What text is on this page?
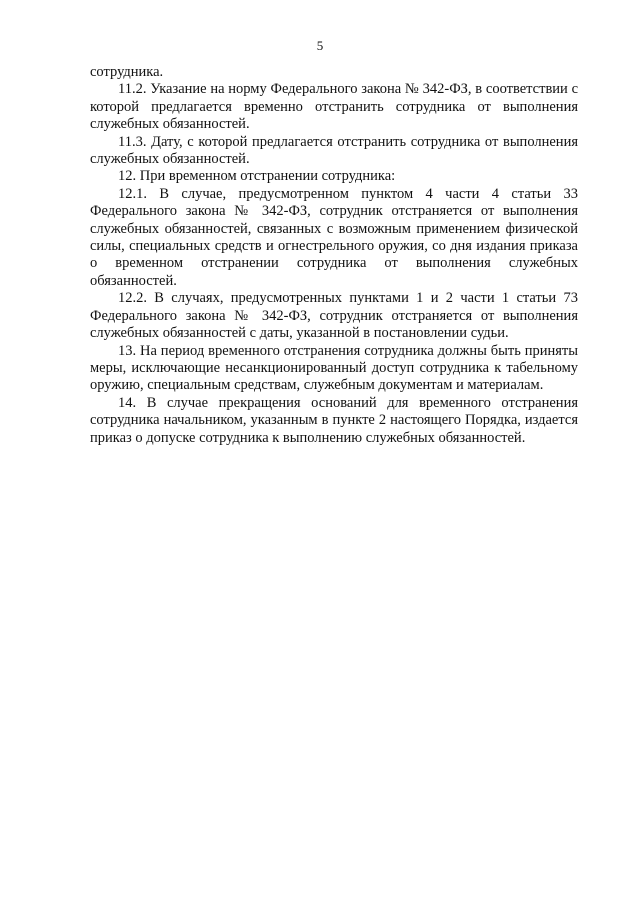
5

сотрудника.

11.2. Указание на норму Федерального закона № 342-ФЗ, в соответствии с которой предлагается временно отстранить сотрудника от выполнения служебных обязанностей.

11.3. Дату, с которой предлагается отстранить сотрудника от выполнения служебных обязанностей.

12. При временном отстранении сотрудника:

12.1. В случае, предусмотренном пунктом 4 части 4 статьи 33 Федерального закона № 342-ФЗ, сотрудник отстраняется от выполнения служебных обязанностей, связанных с возможным применением физической силы, специальных средств и огнестрельного оружия, со дня издания приказа о временном отстранении сотрудника от выполнения служебных обязанностей.

12.2. В случаях, предусмотренных пунктами 1 и 2 части 1 статьи 73 Федерального закона № 342-ФЗ, сотрудник отстраняется от выполнения служебных обязанностей с даты, указанной в постановлении судьи.

13. На период временного отстранения сотрудника должны быть приняты меры, исключающие несанкционированный доступ сотрудника к табельному оружию, специальным средствам, служебным документам и материалам.

14. В случае прекращения оснований для временного отстранения сотрудника начальником, указанным в пункте 2 настоящего Порядка, издается приказ о допуске сотрудника к выполнению служебных обязанностей.
